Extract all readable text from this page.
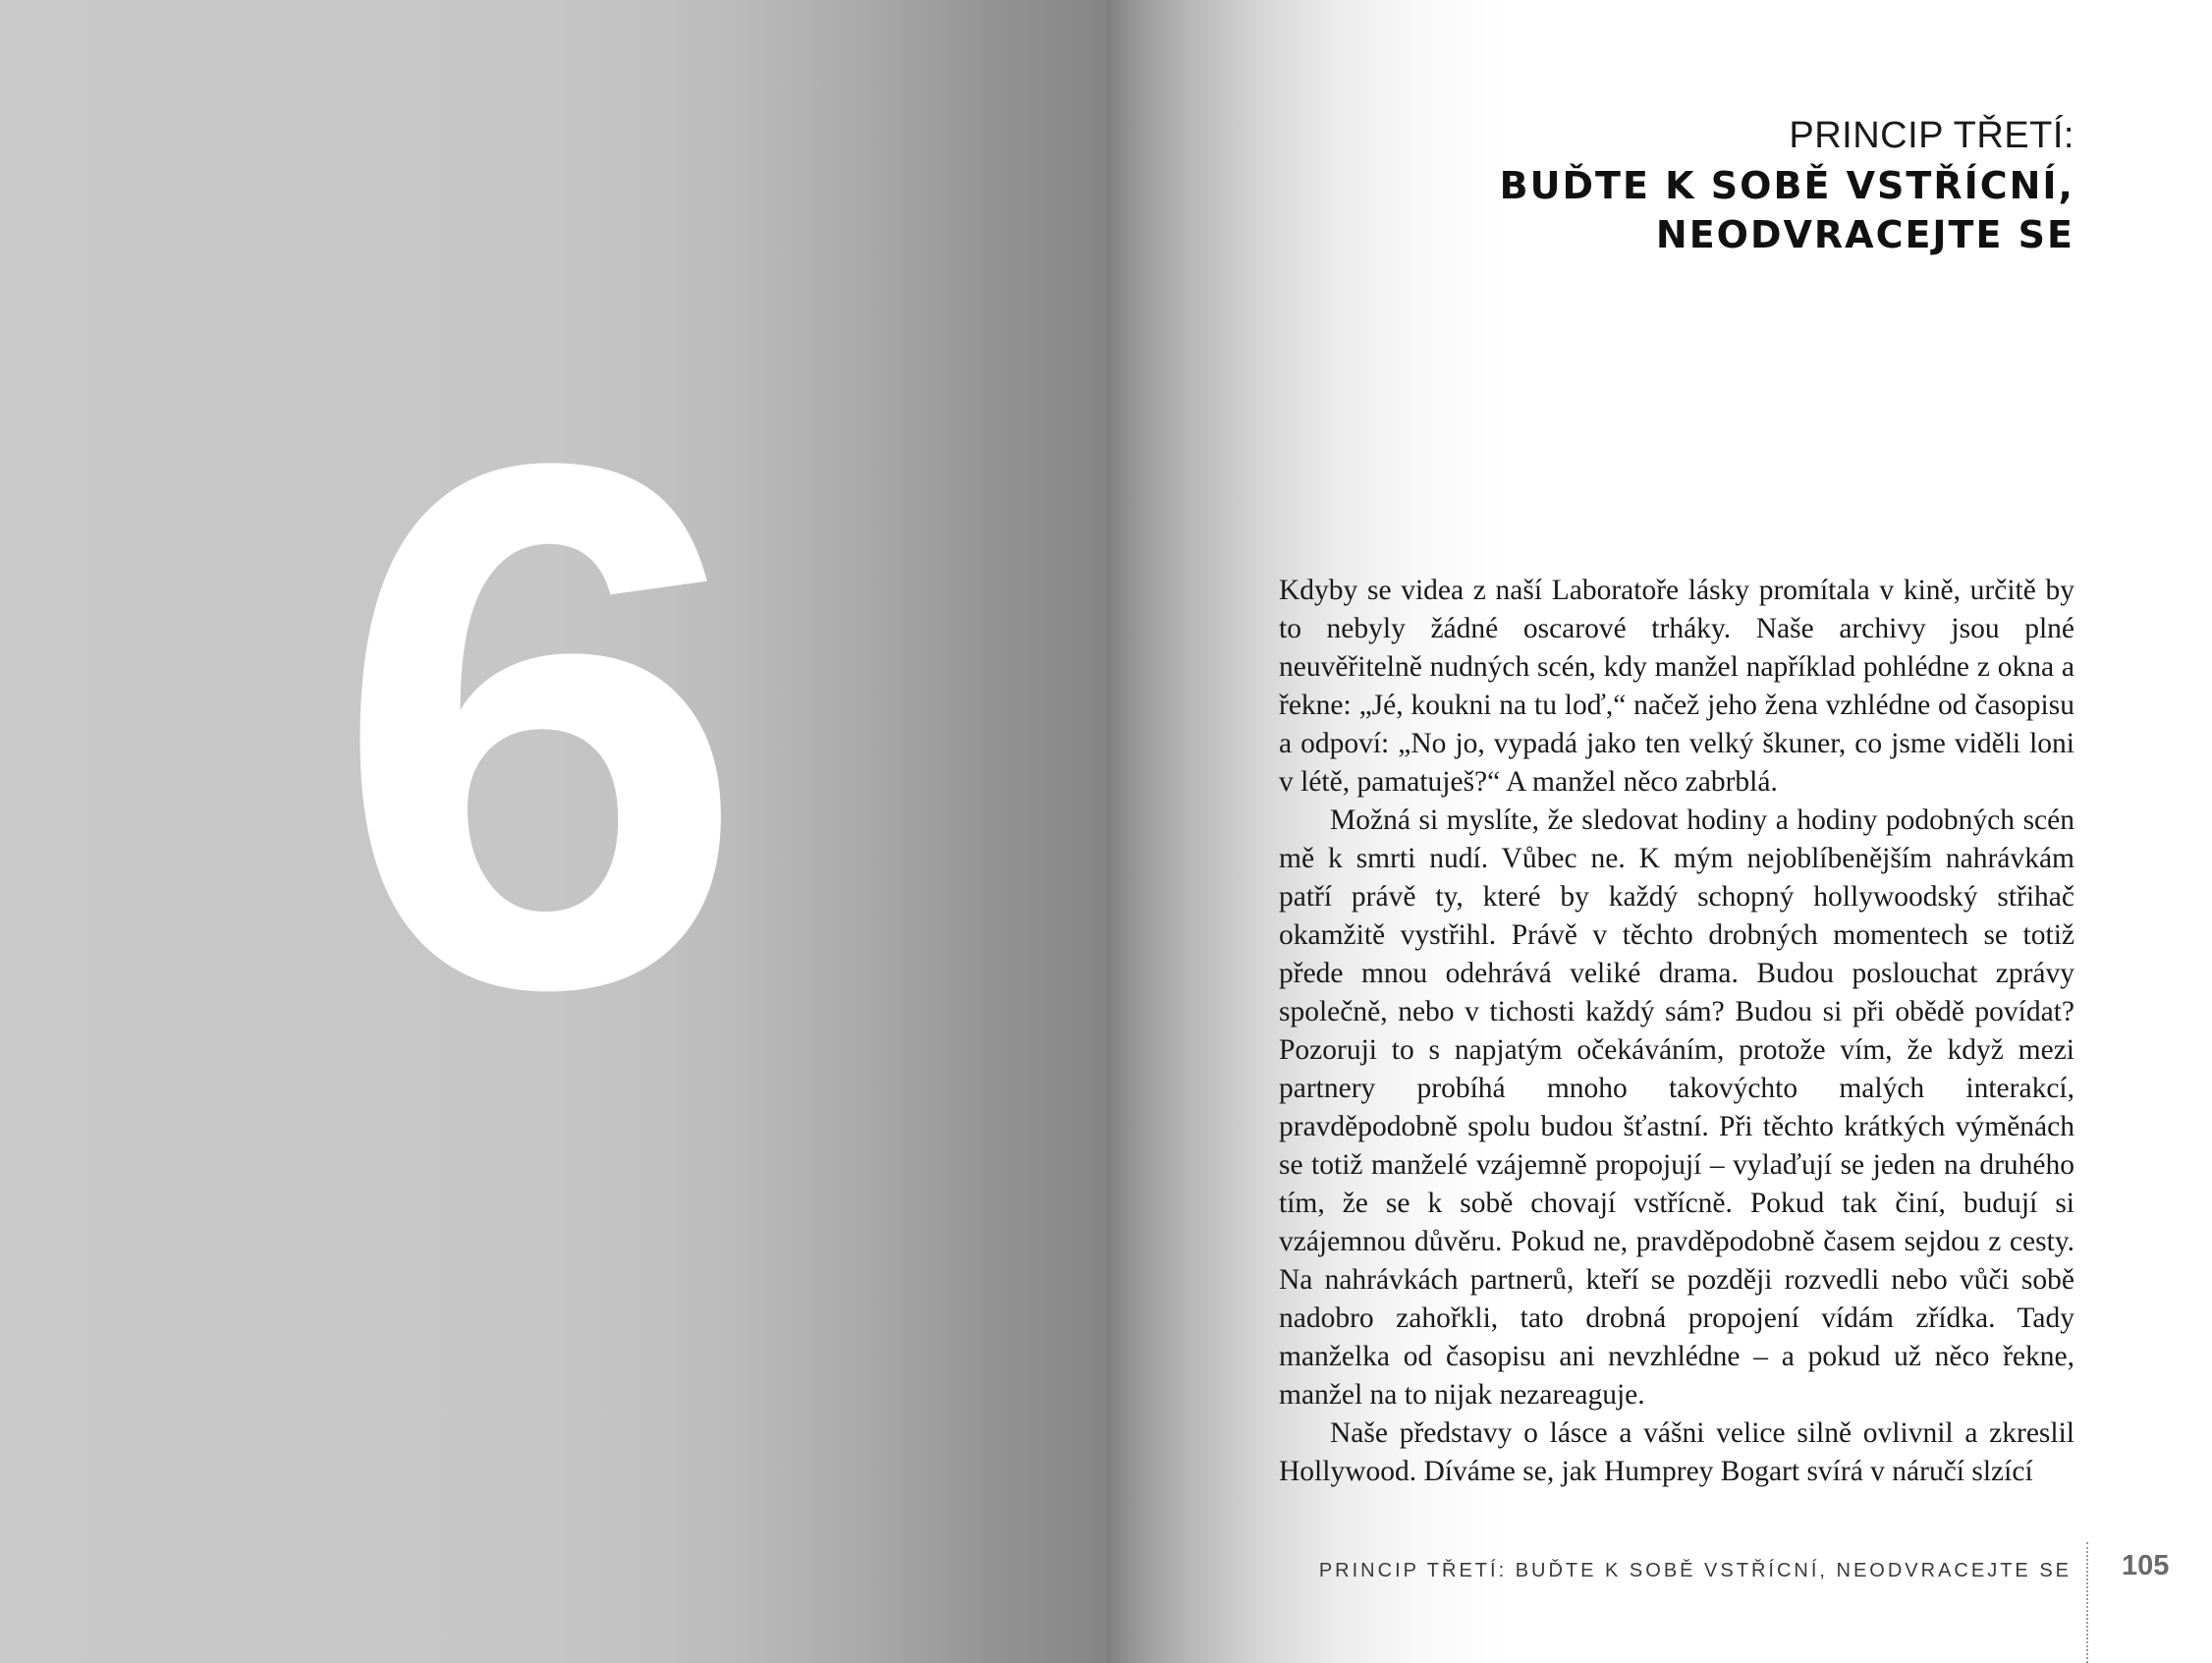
6
PRINCIP TŘETÍ:
BUĎTE K SOBĚ VSTŘÍCNÍ,
NEODVRACEJTE SE

Kdyby se videa z naší Laboratoře lásky promítala v kině, určitě by to nebyly žádné oscarové trháky. Naše archivy jsou plné neuvěřitelně nudných scén, kdy manžel například pohlédne z okna a řekne: „Jé, koukni na tu loď,“ načež jeho žena vzhlédne od časopisu a odpoví: „No jo, vypadá jako ten velký škuner, co jsme viděli loni v létě, pamatuješ?“ A manžel něco zabrblá.

Možná si myslíte, že sledovat hodiny a hodiny podobných scén mě k smrti nudí. Vůbec ne. K mým nejoblíbenějším nahrávkám patří právě ty, které by každý schopný hollywoodský střihač okamžitě vystřihl. Právě v těchto drobných momentech se totiž přede mnou odehrává veliké drama. Budou poslouchat zprávy společně, nebo v tichosti každý sám? Budou si při obědě povídat? Pozoruji to s napjatým očekáváním, protože vím, že když mezi partnery probíhá mnoho takovýchto malých interakcí, pravděpodobně spolu budou šťastní. Při těchto krátkých výměnách se totiž manželé vzájemně propojují – vylaďují se jeden na druhého tím, že se k sobě chovají vstřícně. Pokud tak činí, budují si vzájemnou důvěru. Pokud ne, pravděpodobně časem sejdou z cesty. Na nahrávkách partnerů, kteří se později rozvedli nebo vůči sobě nadobro zahořkli, tato drobná propojení vídám zřídka. Tady manželka od časopisu ani nevzhlédne – a pokud už něco řekne, manžel na to nijak nezareaguje.

Naše představy o lásce a vášni velice silně ovlivnil a zkreslil Hollywood. Díváme se, jak Humprey Bogart svírá v náručí slzící

PRINCIP TŘETÍ: BUĎTE K SOBĚ VSTŘÍCNÍ, NEODVRACEJTE SE 105
